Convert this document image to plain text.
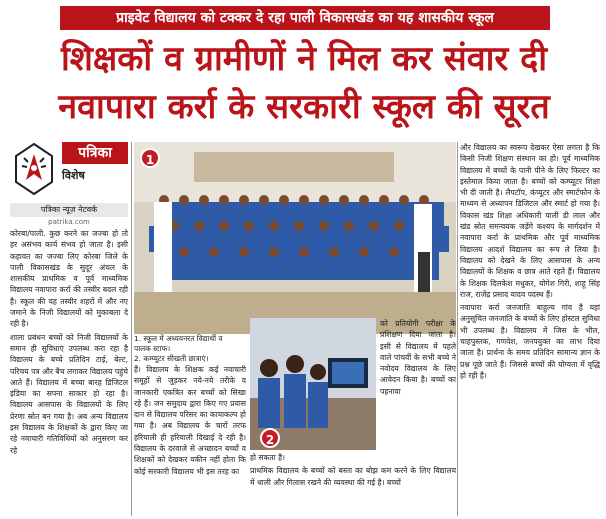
प्राइवेट विद्यालय को टक्कर दे रहा पाली विकासखंड का यह शासकीय स्कूल
शिक्षकों व ग्रामीणों ने मिल कर संवार दी
नवापारा कर्रा के सरकारी स्कूल की सूरत
पत्रिका
विशेष
पत्रिका न्यूज़ नेटवर्क
patrika.com

कोरबा/पाली. कुछ करने का जज्बा हो तो हर असंभव कार्य संभव हो जाता है। इसी कहावत का जज्बा लिए कोरबा जिले के पाली विकासखंड के सुदूर अंचल के शासकीय प्राथमिक व पूर्व माध्यमिक विद्यालय नवापारा कर्रा की तस्वीर बदल रही है। स्कूल की यह तस्वीर शहरों में और नए जमाने के निजी विद्यालयों को मुकाबला दे रही है।

शाला प्रबंधन बच्चों को निजी विद्यालयों के समान ही सुविधाएं उपलब्ध करा रहा है विद्यालय के बच्चे प्रतिदिन टाई, बेल्ट, परिचय पत्र और बैच लगाकर विद्यालय पहुंचे आते हैं। विद्यालय में बच्चा बारह डिजिटल इंडिया का सपना साकार हो रहा है। विद्यालय आसपास के विद्यालयों के लिए प्रेरणा स्रोत बन गया है। अब अन्य विद्यालय इस विद्यालय के शिक्षकों के द्वारा किए जा रहे नवाचारी गतिविधियों को अनुसरण कर रहे

1
1. स्कूल में अध्ययनरत विद्यार्थी व
पालक स्टाफ।
2. कम्प्यूटर सीखती छात्राएं।

हैं। विद्यालय के शिक्षक कई नवाचारी समूहों से जुड़कर नये-नये तरीके व जानकारी एकत्रित कर बच्चों को सिखा रहे हैं। जन समुदाय द्वारा किए गए प्रयास दान से विद्यालय परिसर का कायाकल्प हो गया है। अब विद्यालय के चारों तरफ हरियाली ही हरियाली दिखाई दे रही है। विद्यालय के दरवाजे से अच्छादन बच्चों व शिक्षकों को देखकर यकीन नहीं होता कि कोई सरकारी विद्यालय भी इस तरह का

2

को प्रतियोगी परीक्षा के प्रशिक्षण दिया जाता है। इसी से विद्यालय में पहले वाले पांचवीं के सभी बच्चे ने नवोदय विद्यालय के लिए आवेदन किया है। बच्चों का पहनावा

हो सकता है।

प्राथमिक विद्यालय के बच्चों को बस्ता का बोझ कम करने के लिए विद्यालय में थाली और गिलास रखने की व्यवस्था की गई है। बच्चों

और विद्यालय का स्वरूप देखकर ऐसा लगता है कि किसी निजी शिक्षण संस्थान का हो। पूर्व माध्यमिक विद्यालय में बच्चों के पानी पीने के लिए फिल्टर का इस्तेमाल किया जाता है। बच्चों को कम्प्यूटर शिक्षा भी दी जाती है। लैपटॉप, कंप्यूटर और स्मार्टफोन के माध्यम से अध्यापन डिजिटल और स्मार्ट हो गया है। विकास खंड शिक्षा अधिकारी पाली डी लाल और खंड स्रोत समन्वयक जड़ेंगे कश्यप के मार्गदर्शन में नवापारा कर्रा के प्राथमिक और पूर्व माध्यमिक विद्यालय आदर्श विद्यालय का रूप ले लिया है। विद्यालय को देखने के लिए आसपास के अन्य विद्यालयों के शिक्षक व छात्र आते रहते हैं। विद्यालय के शिक्षक दिलकेश मधुकर, योगेश गिरी, शाहू सिंह राज, राजेंद्र प्रसाद यादव पदस्थ हैं।

नवापारा कर्रा जनजाति बाहुल्य गांव है यहां अनुसूचित जनजाति के बच्चों के लिए होस्टल सुविधा भी उपलब्ध है। विद्यालय में जिस के भील, चाहपुस्तक, गणवेश, जनपयुक्त का लाभ दिया जाता है। प्रार्थना के समय प्रतिदिन सामान्य ज्ञान के प्रश्न पूछे जाते हैं। जिससे बच्चों की योग्यता में वृद्धि हो रही है।
